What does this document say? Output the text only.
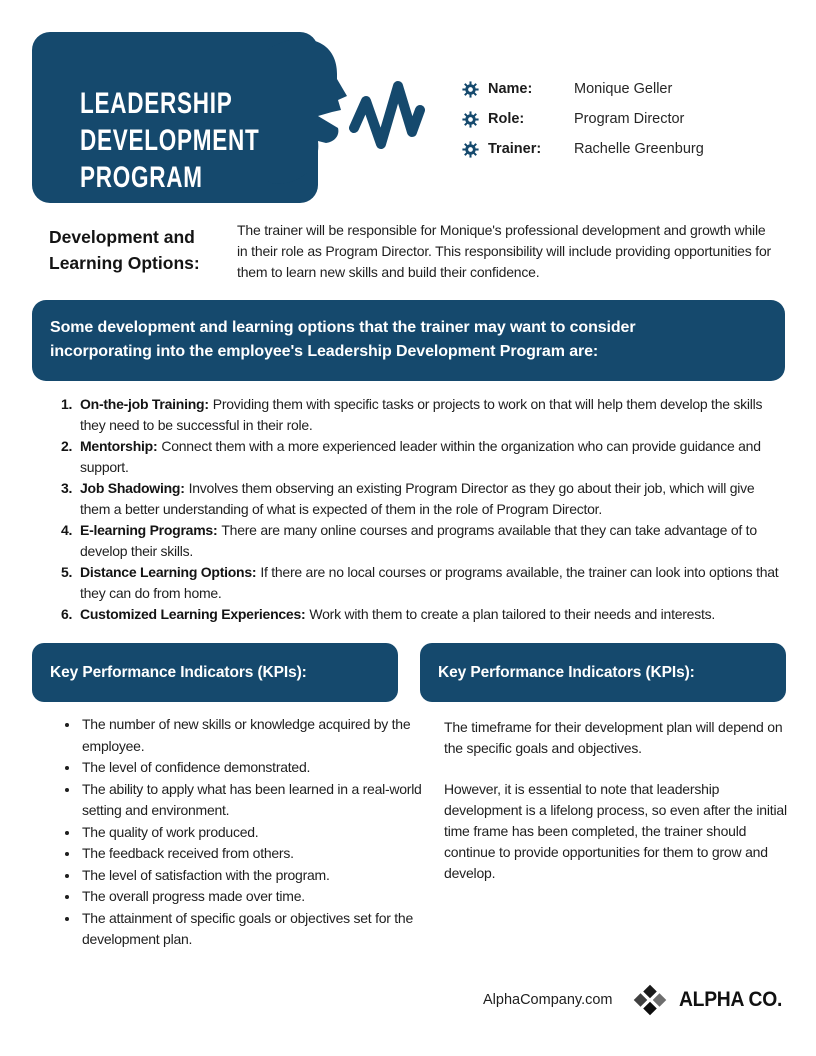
LEADERSHIP
DEVELOPMENT
PROGRAM
Name:	Monique Geller
Role:	Program Director
Trainer:	Rachelle Greenburg
Development and Learning Options:
The trainer will be responsible for Monique's professional development and growth while in their role as Program Director. This responsibility will include providing opportunities for them to learn new skills and build their confidence.
Some development and learning options that the trainer may want to consider incorporating into the employee's Leadership Development Program are:
1. On-the-job Training: Providing them with specific tasks or projects to work on that will help them develop the skills they need to be successful in their role.
2. Mentorship: Connect them with a more experienced leader within the organization who can provide guidance and support.
3. Job Shadowing: Involves them observing an existing Program Director as they go about their job, which will give them a better understanding of what is expected of them in the role of Program Director.
4. E-learning Programs: There are many online courses and programs available that they can take advantage of to develop their skills.
5. Distance Learning Options: If there are no local courses or programs available, the trainer can look into options that they can do from home.
6. Customized Learning Experiences: Work with them to create a plan tailored to their needs and interests.
Key Performance Indicators (KPIs):	Key Performance Indicators (KPIs):
• The number of new skills or knowledge acquired by the employee.
• The level of confidence demonstrated.
• The ability to apply what has been learned in a real-world setting and environment.
• The quality of work produced.
• The feedback received from others.
• The level of satisfaction with the program.
• The overall progress made over time.
• The attainment of specific goals or objectives set for the development plan.

The timeframe for their development plan will depend on the specific goals and objectives.

However, it is essential to note that leadership development is a lifelong process, so even after the initial time frame has been completed, the trainer should continue to provide opportunities for them to grow and develop.

AlphaCompany.com	ALPHA CO.
